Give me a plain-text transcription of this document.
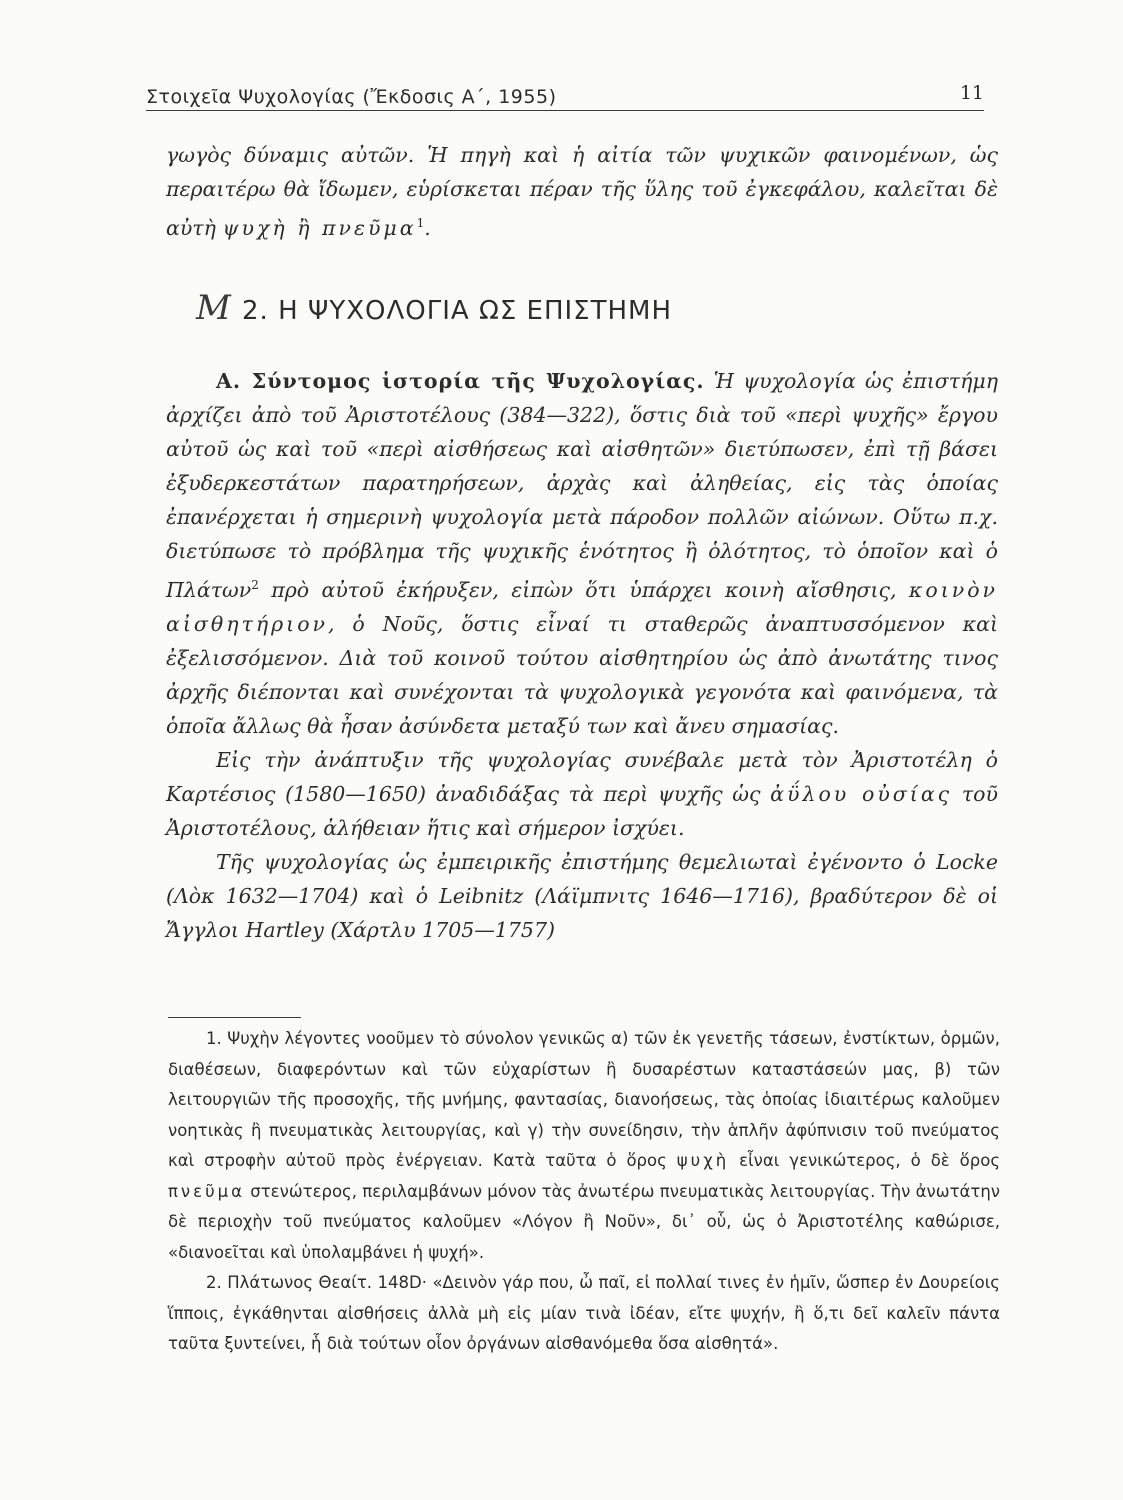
Στοιχεῖα Ψυχολογίας (Ἔκδοσις Α΄, 1955)	11

γωγὸς δύναμις αὐτῶν. Ἡ πηγὴ καὶ ἡ αἰτία τῶν ψυχικῶν φαινομένων, ὡς περαιτέρω θὰ ἴδωμεν, εὑρίσκεται πέραν τῆς ὕλης τοῦ ἐγκεφάλου, καλεῖται δὲ αὐτὴ ψυχὴ ἢ πνεῦμα$^1$.

M 2. Η ΨΥΧΟΛΟΓΙΑ ΩΣ ΕΠΙΣΤΗΜΗ

Α. Σύντομος ἱστορία τῆς Ψυχολογίας. Ἡ ψυχολογία ὡς ἐπιστήμη ἀρχίζει ἀπὸ τοῦ Ἀριστοτέλους (384—322), ὅστις διὰ τοῦ «περὶ ψυχῆς» ἔργου αὐτοῦ ὡς καὶ τοῦ «περὶ αἰσθήσεως καὶ αἰσθητῶν» διετύπωσεν, ἐπὶ τῇ βάσει ἐξυδερκεστάτων παρατηρήσεων, ἀρχὰς καὶ ἀληθείας, εἰς τὰς ὁποίας ἐπανέρχεται ἡ σημερινὴ ψυχολογία μετὰ πάροδον πολλῶν αἰώνων. Οὕτω π.χ. διετύπωσε τὸ πρόβλημα τῆς ψυχικῆς ἑνότητος ἢ ὁλότητος, τὸ ὁποῖον καὶ ὁ Πλάτων$^2$ πρὸ αὐτοῦ ἐκήρυξεν, εἰπὼν ὅτι ὑπάρχει κοινὴ αἴσθησις, κοινὸν αἰσθητήριον, ὁ Νοῦς, ὅστις εἶναί τι σταθερῶς ἀναπτυσσόμενον καὶ ἐξελισσόμενον. Διὰ τοῦ κοινοῦ τούτου αἰσθητηρίου ὡς ἀπὸ ἀνωτάτης τινος ἀρχῆς διέπονται καὶ συνέχονται τὰ ψυχολογικὰ γεγονότα καὶ φαινόμενα, τὰ ὁποῖα ἄλλως θὰ ἦσαν ἀσύνδετα μεταξύ των καὶ ἄνευ σημασίας.

Εἰς τὴν ἀνάπτυξιν τῆς ψυχολογίας συνέβαλε μετὰ τὸν Ἀριστοτέλη ὁ Καρτέσιος (1580—1650) ἀναδιδάξας τὰ περὶ ψυχῆς ὡς ἀΰλου οὐσίας τοῦ Ἀριστοτέλους, ἀλήθειαν ἥτις καὶ σήμερον ἰσχύει.

Τῆς ψυχολογίας ὡς ἐμπειρικῆς ἐπιστήμης θεμελιωταὶ ἐγένοντο ὁ Locke (Λὸκ 1632—1704) καὶ ὁ Leibnitz (Λάϊμπνιτς 1646—1716), βραδύτερον δὲ οἱ Ἄγγλοι Hartley (Χάρτλυ 1705—1757)

1. Ψυχὴν λέγοντες νοοῦμεν τὸ σύνολον γενικῶς α) τῶν ἐκ γενετῆς τάσεων, ἐνστίκτων, ὁρμῶν, διαθέσεων, διαφερόντων καὶ τῶν εὐχαρίστων ἢ δυσαρέστων καταστάσεών μας, β) τῶν λειτουργιῶν τῆς προσοχῆς, τῆς μνήμης, φαντασίας, διανοήσεως, τὰς ὁποίας ἰδιαιτέρως καλοῦμεν νοητικὰς ἢ πνευματικὰς λειτουργίας, καὶ γ) τὴν συνείδησιν, τὴν ἁπλῆν ἀφύπνισιν τοῦ πνεύματος καὶ στροφὴν αὐτοῦ πρὸς ἐνέργειαν. Κατὰ ταῦτα ὁ ὅρος ψυχὴ εἶναι γενικώτερος, ὁ δὲ ὅρος πνεῦμα στενώτερος, περιλαμβάνων μόνον τὰς ἀνωτέρω πνευματικὰς λειτουργίας. Τὴν ἀνωτάτην δὲ περιοχὴν τοῦ πνεύματος καλοῦμεν «Λόγον ἢ Νοῦν», δι᾽ οὗ, ὡς ὁ Ἀριστοτέλης καθώρισε, «διανοεῖται καὶ ὑπολαμβάνει ἡ ψυχή».

2. Πλάτωνος Θεαίτ. 148D· «Δεινὸν γάρ που, ὦ παῖ, εἰ πολλαί τινες ἐν ἡμῖν, ὥσπερ ἐν Δουρείοις ἵπποις, ἐγκάθηνται αἰσθήσεις ἀλλὰ μὴ εἰς μίαν τινὰ ἰδέαν, εἴτε ψυχήν, ἢ ὅ,τι δεῖ καλεῖν πάντα ταῦτα ξυντείνει, ἧ διὰ τούτων οἷον ὀργάνων αἰσθανόμεθα ὅσα αἰσθητά».
